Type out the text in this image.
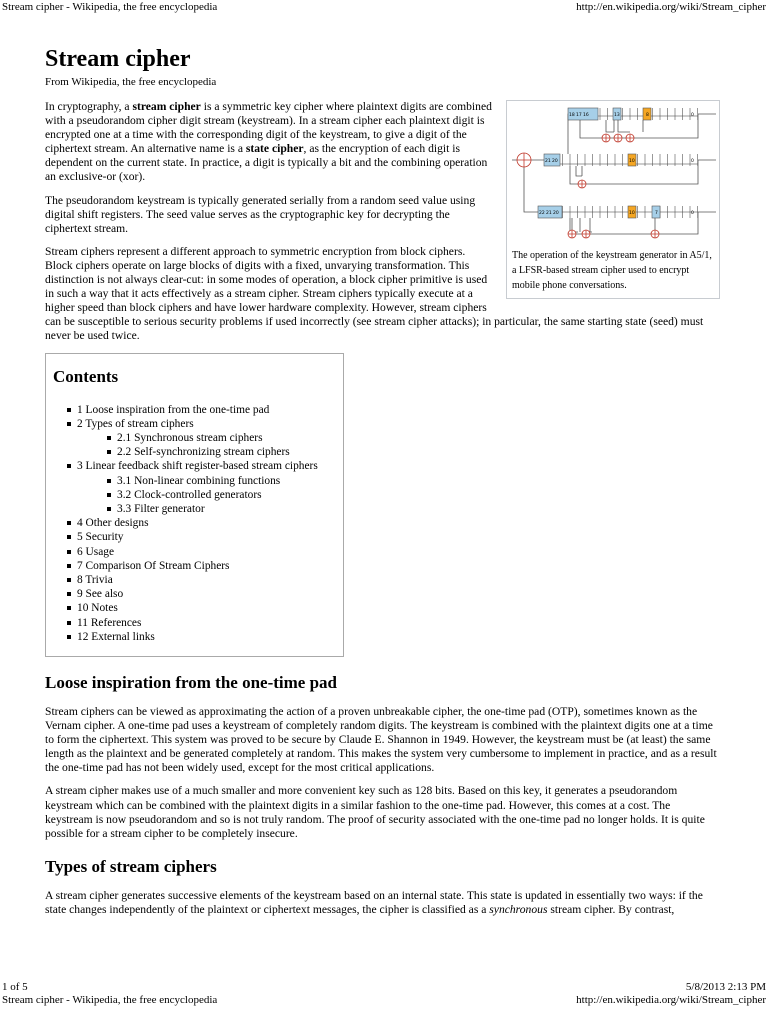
Stream cipher - Wikipedia, the free encyclopedia	http://en.wikipedia.org/wiki/Stream_cipher
Stream cipher
From Wikipedia, the free encyclopedia
18 17 16	13	8	0
21 20	10	0
22 21 20	10	7	0
The operation of the keystream generator in A5/1, a LFSR-based stream cipher used to encrypt mobile phone conversations.

In cryptography, a stream cipher is a symmetric key cipher where plaintext digits are combined with a pseudorandom cipher digit stream (keystream). In a stream cipher each plaintext digit is encrypted one at a time with the corresponding digit of the keystream, to give a digit of the ciphertext stream. An alternative name is a state cipher, as the encryption of each digit is dependent on the current state. In practice, a digit is typically a bit and the combining operation an exclusive-or (xor).

The pseudorandom keystream is typically generated serially from a random seed value using digital shift registers. The seed value serves as the cryptographic key for decrypting the ciphertext stream.

Stream ciphers represent a different approach to symmetric encryption from block ciphers. Block ciphers operate on large blocks of digits with a fixed, unvarying transformation. This distinction is not always clear-cut: in some modes of operation, a block cipher primitive is used in such a way that it acts effectively as a stream cipher. Stream ciphers typically execute at a higher speed than block ciphers and have lower hardware complexity. However, stream ciphers can be susceptible to serious security problems if used incorrectly (see stream cipher attacks); in particular, the same starting state (seed) must never be used twice.

Contents
1 Loose inspiration from the one-time pad
2 Types of stream ciphers
2.1 Synchronous stream ciphers
2.2 Self-synchronizing stream ciphers
3 Linear feedback shift register-based stream ciphers
3.1 Non-linear combining functions
3.2 Clock-controlled generators
3.3 Filter generator
4 Other designs
5 Security
6 Usage
7 Comparison Of Stream Ciphers
8 Trivia
9 See also
10 Notes
11 References
12 External links
Loose inspiration from the one-time pad

Stream ciphers can be viewed as approximating the action of a proven unbreakable cipher, the one-time pad (OTP), sometimes known as the Vernam cipher. A one-time pad uses a keystream of completely random digits. The keystream is combined with the plaintext digits one at a time to form the ciphertext. This system was proved to be secure by Claude E. Shannon in 1949. However, the keystream must be (at least) the same length as the plaintext and be generated completely at random. This makes the system very cumbersome to implement in practice, and as a result the one-time pad has not been widely used, except for the most critical applications.

A stream cipher makes use of a much smaller and more convenient key such as 128 bits. Based on this key, it generates a pseudorandom keystream which can be combined with the plaintext digits in a similar fashion to the one-time pad. However, this comes at a cost. The keystream is now pseudorandom and so is not truly random. The proof of security associated with the one-time pad no longer holds. It is quite possible for a stream cipher to be completely insecure.

Types of stream ciphers

A stream cipher generates successive elements of the keystream based on an internal state. This state is updated in essentially two ways: if the state changes independently of the plaintext or ciphertext messages, the cipher is classified as a synchronous stream cipher. By contrast,

1 of 5	5/8/2013 2:13 PM
Stream cipher - Wikipedia, the free encyclopedia	http://en.wikipedia.org/wiki/Stream_cipher
